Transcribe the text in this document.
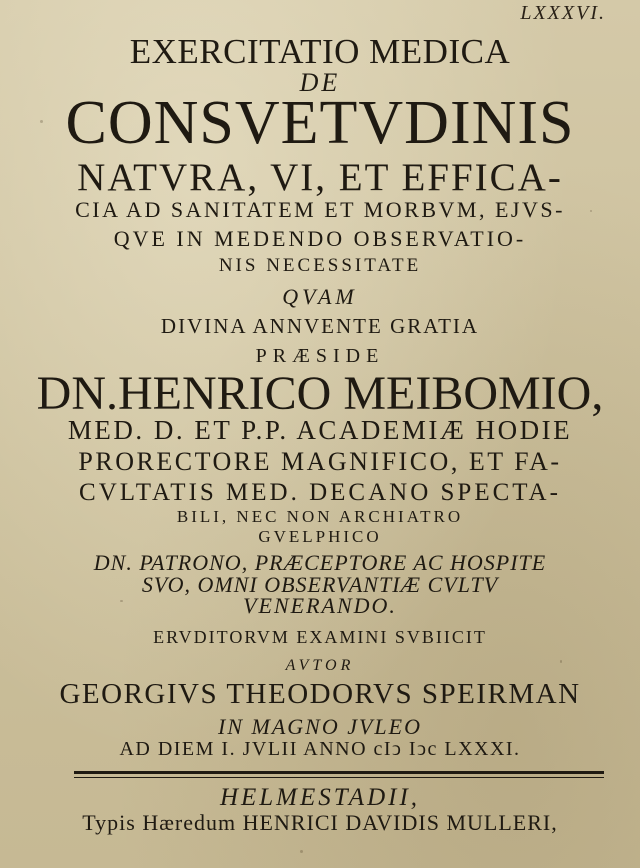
LXXXVI.
EXERCITATIO MEDICA
DE
CONSVETVDINIS
NATVRA, VI, ET EFFICA-
CIA AD SANITATEM ET MORBVM, EJVS-
QVE IN MEDENDO OBSERVATIO-
NIS NECESSITATE
QVAM
DIVINA ANNVENTE GRATIA
PRÆSIDE
DN.HENRICO MEIBOMIO,
MED. D. ET P.P. ACADEMIÆ HODIE
PRORECTORE MAGNIFICO, ET FA-
CVLTATIS MED. DECANO SPECTA-
BILI, NEC NON ARCHIATRO
GVELPHICO
DN. PATRONO, PRÆCEPTORE AC HOSPITE
SVO, OMNI OBSERVANTIÆ CVLTV
VENERANDO.
ERVDITORVM EXAMINI SVBIICIT
AVTOR
GEORGIVS THEODORVS SPEIRMAN
IN MAGNO JVLEO
AD DIEM I. JVLII ANNO cIↄ Iↄc LXXXI.
HELMESTADII,
Typis Hæredum HENRICI DAVIDIS MULLERI,
